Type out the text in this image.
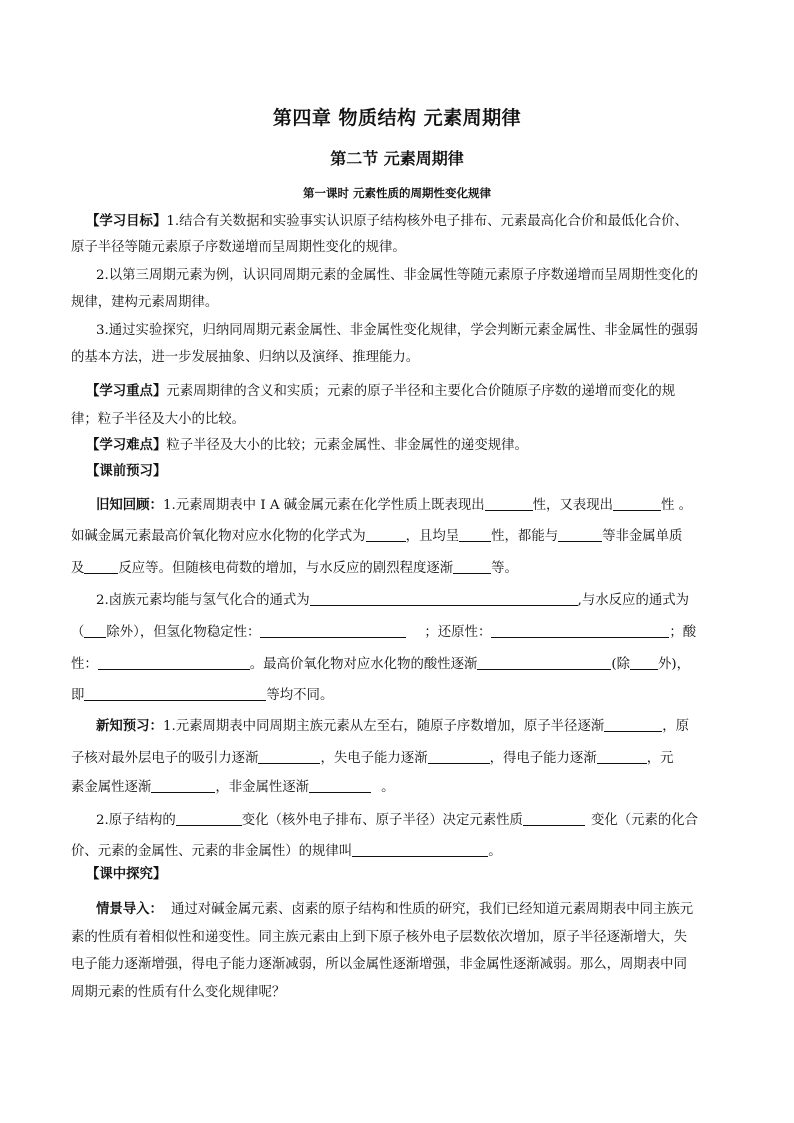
第四章 物质结构 元素周期律
第二节 元素周期律
第一课时 元素性质的周期性变化规律
【学习目标】1.结合有关数据和实验事实认识原子结构核外电子排布、元素最高化合价和最低化合价、
原子半径等随元素原子序数递增而呈周期性变化的规律。
2.以第三周期元素为例，认识同周期元素的金属性、非金属性等随元素原子序数递增而呈周期性变化的
规律，建构元素周期律。
3.通过实验探究，归纳同周期元素金属性、非金属性变化规律，学会判断元素金属性、非金属性的强弱
的基本方法，进一步发展抽象、归纳以及演绎、推理能力。
【学习重点】元素周期律的含义和实质；元素的原子半径和主要化合价随原子序数的递增而变化的规
律；粒子半径及大小的比较。
【学习难点】粒子半径及大小的比较；元素金属性、非金属性的递变规律。
【课前预习】
旧知回顾：1.元素周期表中 I A 碱金属元素在化学性质上既表现出	性，又表现出	性 。
如碱金属元素最高价氧化物对应水化物的化学式为	，且均呈 性，都能与	等非金属单质
及	反应等。但随核电荷数的增加，与水反应的剧烈程度逐渐	等。
2.卤族元素均能与氢气化合的通式为	,与水反应的通式为
（ 除外），但氢化物稳定性：	；还原性：	；酸
性：	。最高价氧化物对应水化物的酸性逐渐	(除 外)，
即	等均不同。
新知预习：1.元素周期表中同周期主族元素从左至右，随原子序数增加，原子半径逐渐	，原
子核对最外层电子的吸引力逐渐	，失电子能力逐渐	，得电子能力逐渐	，元
素金属性逐渐	，非金属性逐渐	。
2.原子结构的	变化（核外电子排布、原子半径）决定元素性质	变化（元素的化合
价、元素的金属性、元素的非金属性）的规律叫	。
【课中探究】
情景导入： 通过对碱金属元素、卤素的原子结构和性质的研究，我们已经知道元素周期表中同主族元
素的性质有着相似性和递变性。同主族元素由上到下原子核外电子层数依次增加，原子半径逐渐增大，失
电子能力逐渐增强，得电子能力逐渐减弱，所以金属性逐渐增强，非金属性逐渐减弱。那么，周期表中同
周期元素的性质有什么变化规律呢？
